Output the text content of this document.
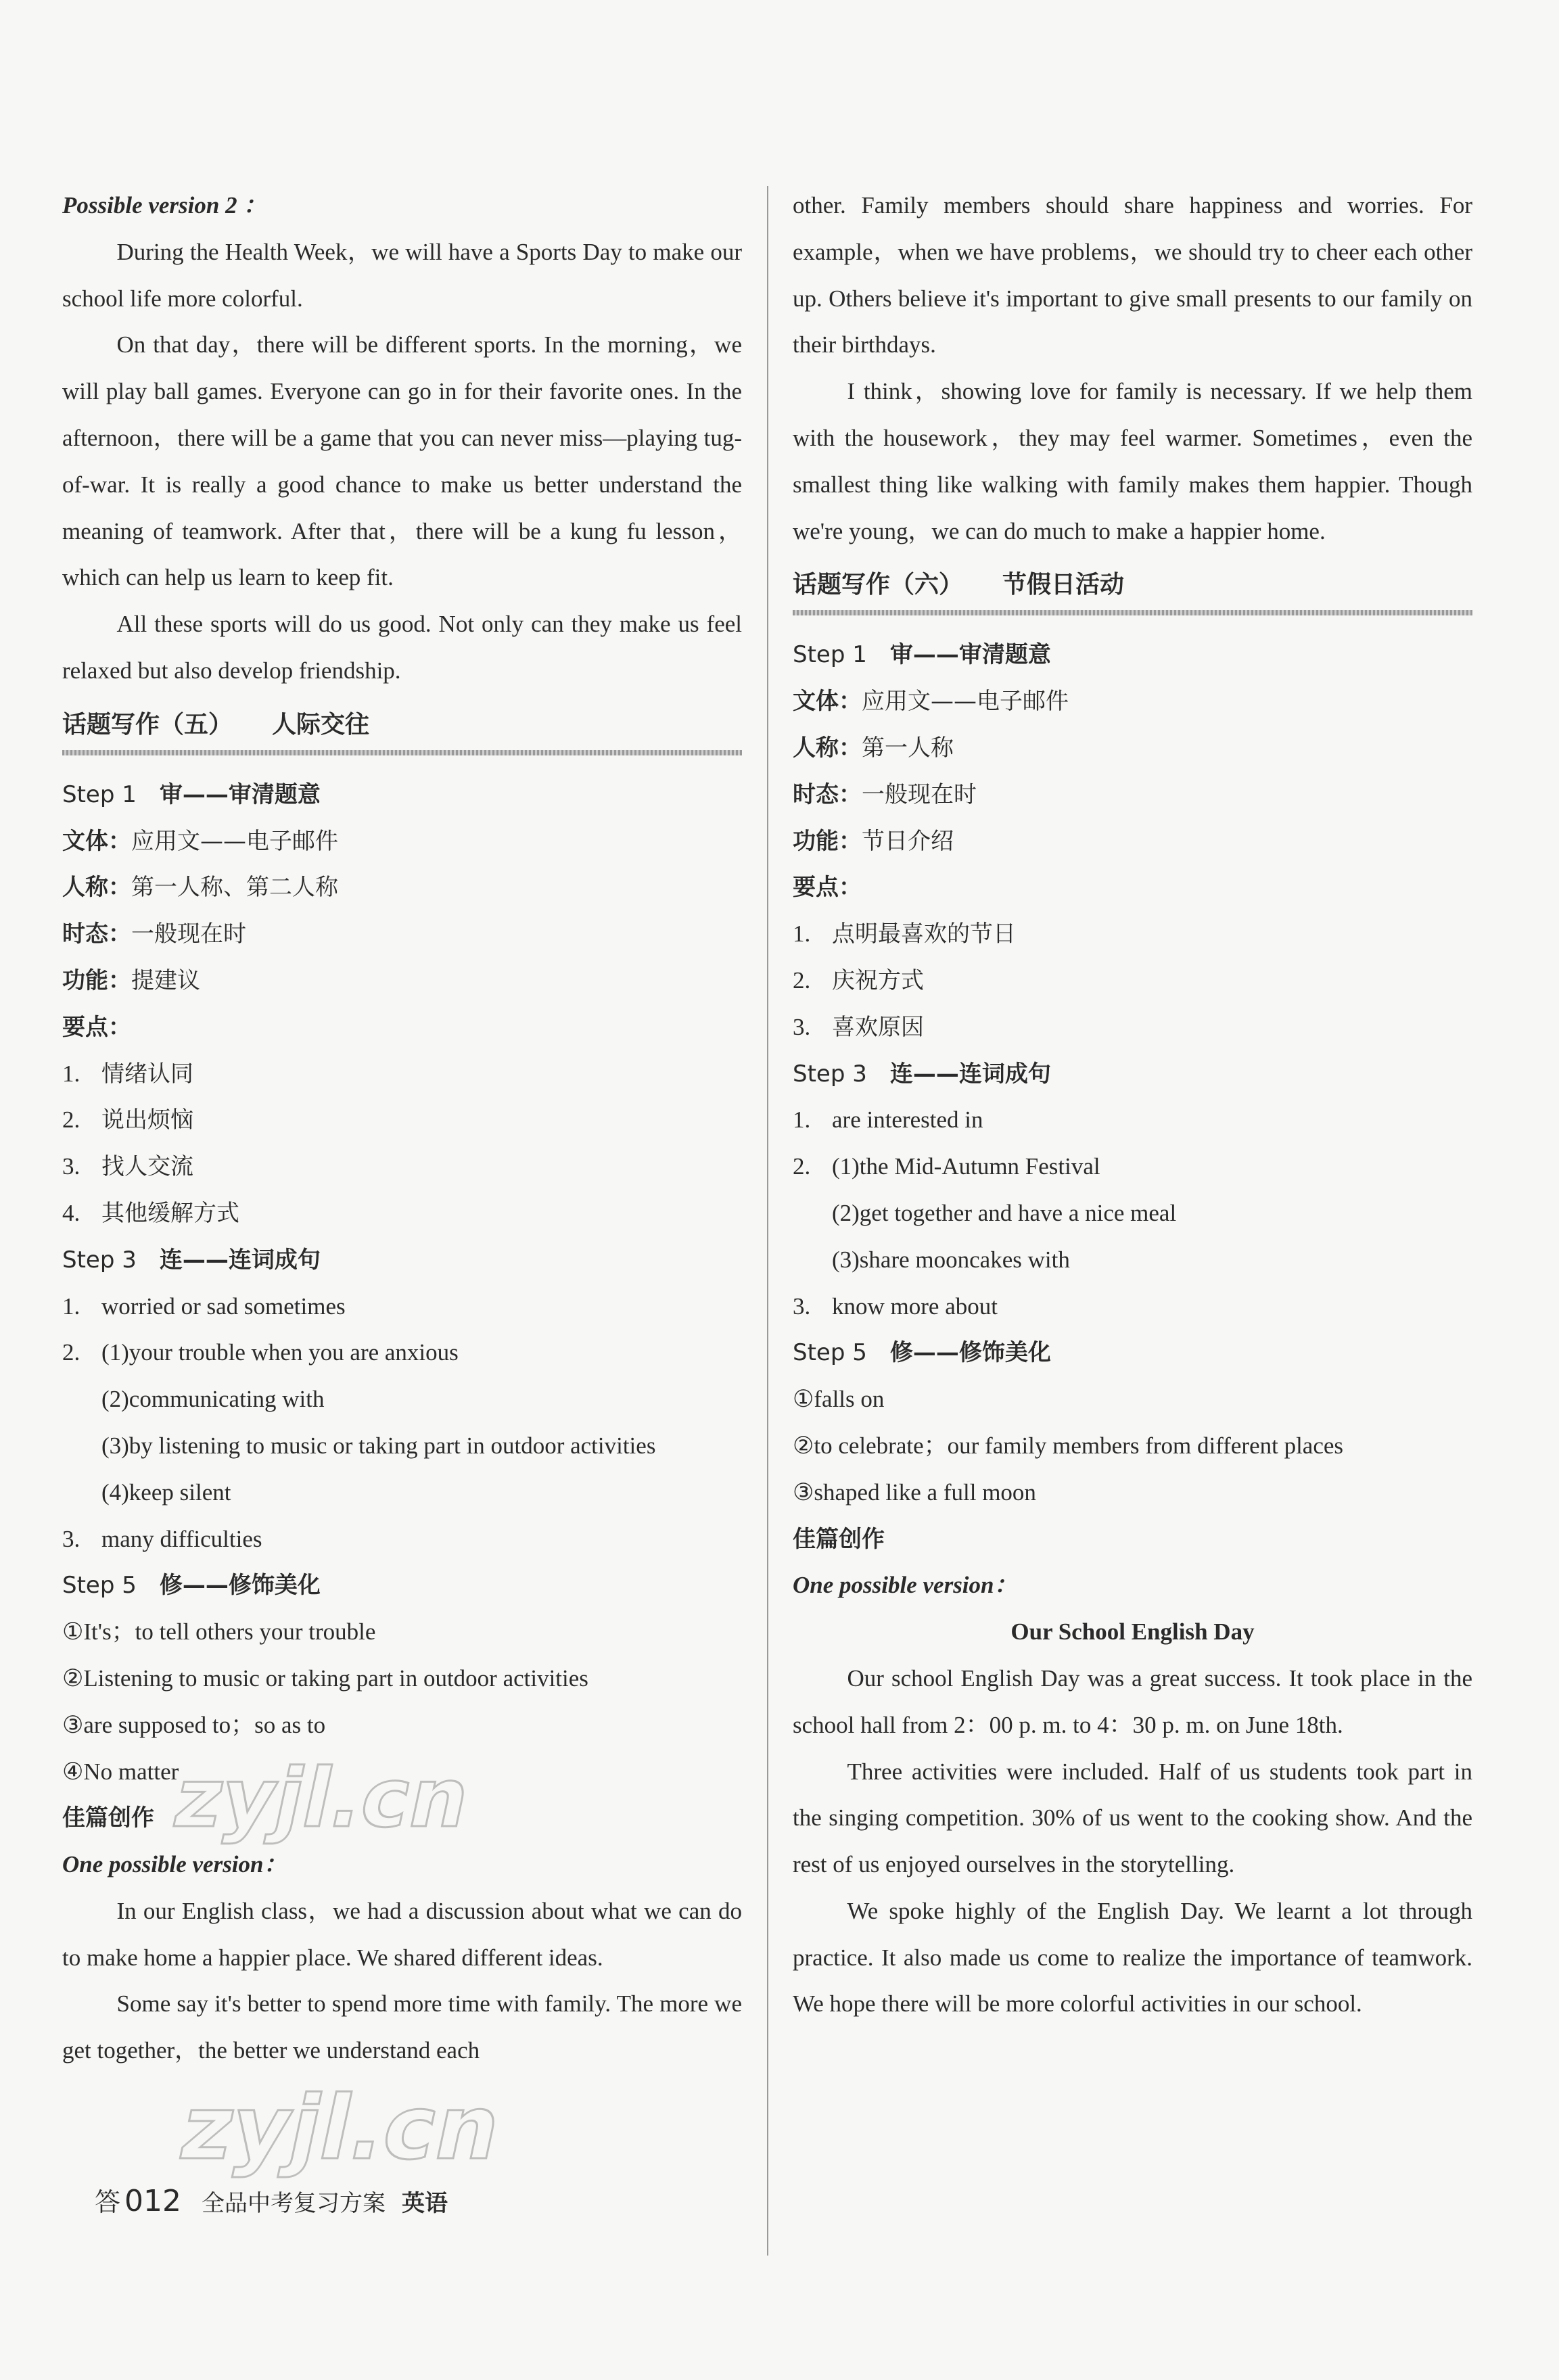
Possible version 2 ：

During the Health Week，we will have a Sports Day to make our school life more colorful.

On that day，there will be different sports. In the morning，we will play ball games. Everyone can go in for their favorite ones. In the afternoon，there will be a game that you can never miss—playing tug-of-war. It is really a good chance to make us better understand the meaning of teamwork. After that，there will be a kung fu lesson，which can help us learn to keep fit.

All these sports will do us good. Not only can they make us feel relaxed but also develop friendship.

话题写作（五） 人际交往

Step 1 审——审清题意

文体：应用文——电子邮件

人称：第一人称、第二人称

时态：一般现在时

功能：提建议

要点：

1. 情绪认同

2. 说出烦恼

3. 找人交流

4. 其他缓解方式

Step 3 连——连词成句

1. worried or sad sometimes

2. (1)your trouble when you are anxious

(2)communicating with

(3)by listening to music or taking part in outdoor activities

(4)keep silent

3. many difficulties

Step 5 修——修饰美化

①It's；to tell others your trouble

②Listening to music or taking part in outdoor activities

③are supposed to；so as to

④No matter

佳篇创作

One possible version：

In our English class，we had a discussion about what we can do to make home a happier place. We shared different ideas.

Some say it's better to spend more time with family. The more we get together，the better we understand each

other. Family members should share happiness and worries. For example，when we have problems，we should try to cheer each other up. Others believe it's important to give small presents to our family on their birthdays.

I think，showing love for family is necessary. If we help them with the housework，they may feel warmer. Sometimes，even the smallest thing like walking with family makes them happier. Though we're young，we can do much to make a happier home.

话题写作（六） 节假日活动

Step 1 审——审清题意

文体：应用文——电子邮件

人称：第一人称

时态：一般现在时

功能：节日介绍

要点：

1. 点明最喜欢的节日

2. 庆祝方式

3. 喜欢原因

Step 3 连——连词成句

1. are interested in

2. (1)the Mid-Autumn Festival

(2)get together and have a nice meal

(3)share mooncakes with

3. know more about

Step 5 修——修饰美化

①falls on

②to celebrate；our family members from different places

③shaped like a full moon

佳篇创作

One possible version：

Our School English Day

Our school English Day was a great success. It took place in the school hall from 2：00 p. m. to 4：30 p. m. on June 18th.

Three activities were included. Half of us students took part in the singing competition. 30% of us went to the cooking show. And the rest of us enjoyed ourselves in the storytelling.

We spoke highly of the English Day. We learnt a lot through practice. It also made us come to realize the importance of teamwork. We hope there will be more colorful activities in our school.

zyjl.cn
zyjl.cn
答 012 全品中考复习方案 英语
